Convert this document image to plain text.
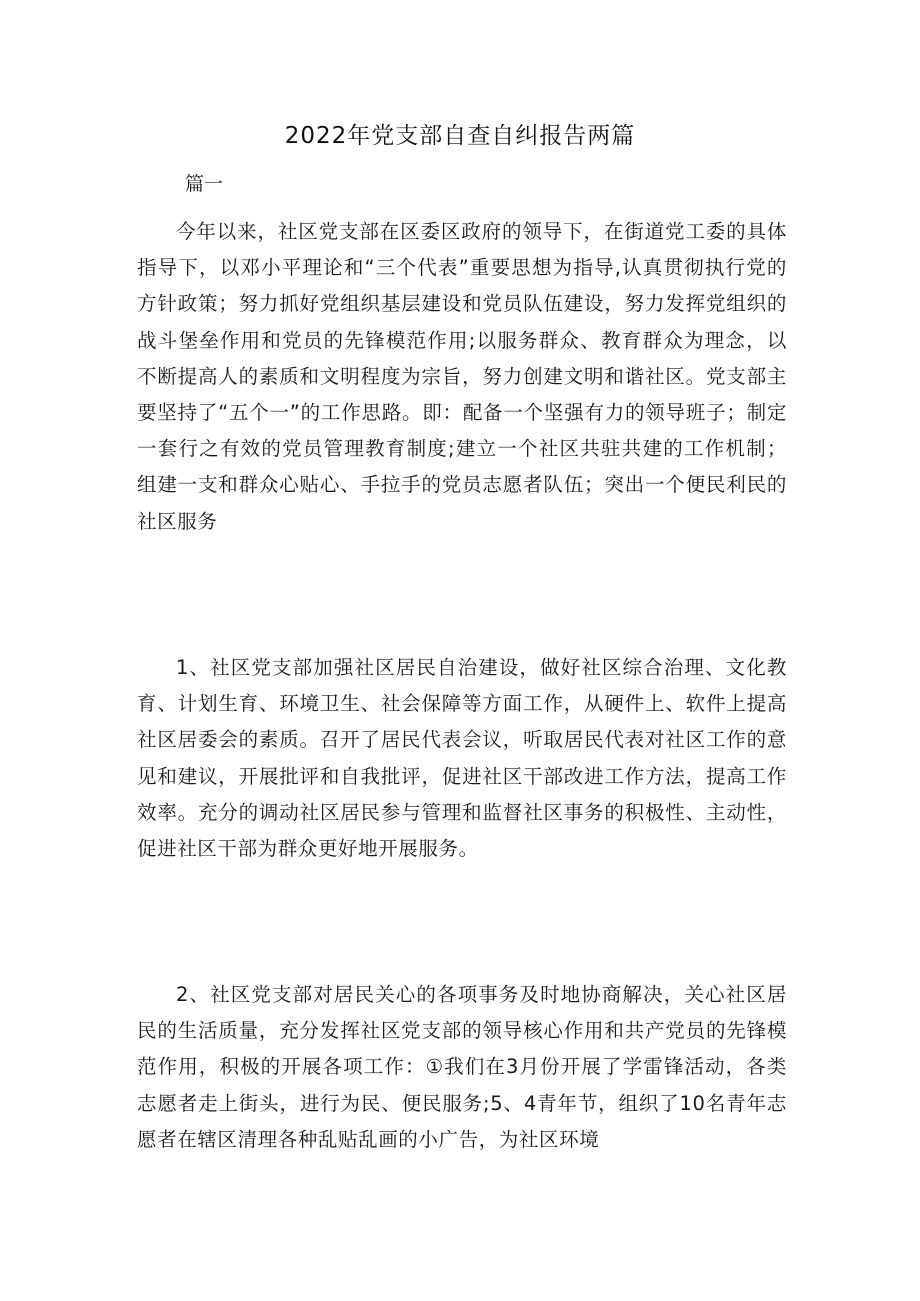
2022年党支部自查自纠报告两篇
篇一

今年以来，社区党支部在区委区政府的领导下，在街道党工委的具体指导下，以邓小平理论和“三个代表”重要思想为指导,认真贯彻执行党的方针政策；努力抓好党组织基层建设和党员队伍建设，努力发挥党组织的战斗堡垒作用和党员的先锋模范作用;以服务群众、教育群众为理念，以不断提高人的素质和文明程度为宗旨，努力创建文明和谐社区。党支部主要坚持了“五个一”的工作思路。即：配备一个坚强有力的领导班子；制定一套行之有效的党员管理教育制度;建立一个社区共驻共建的工作机制；组建一支和群众心贴心、手拉手的党员志愿者队伍；突出一个便民利民的社区服务

1、社区党支部加强社区居民自治建设，做好社区综合治理、文化教育、计划生育、环境卫生、社会保障等方面工作，从硬件上、软件上提高社区居委会的素质。召开了居民代表会议，听取居民代表对社区工作的意见和建议，开展批评和自我批评，促进社区干部改进工作方法，提高工作效率。充分的调动社区居民参与管理和监督社区事务的积极性、主动性，促进社区干部为群众更好地开展服务。

2、社区党支部对居民关心的各项事务及时地协商解决，关心社区居民的生活质量，充分发挥社区党支部的领导核心作用和共产党员的先锋模范作用，积极的开展各项工作：①我们在3月份开展了学雷锋活动，各类志愿者走上街头，进行为民、便民服务;5、4青年节，组织了10名青年志愿者在辖区清理各种乱贴乱画的小广告，为社区环境
